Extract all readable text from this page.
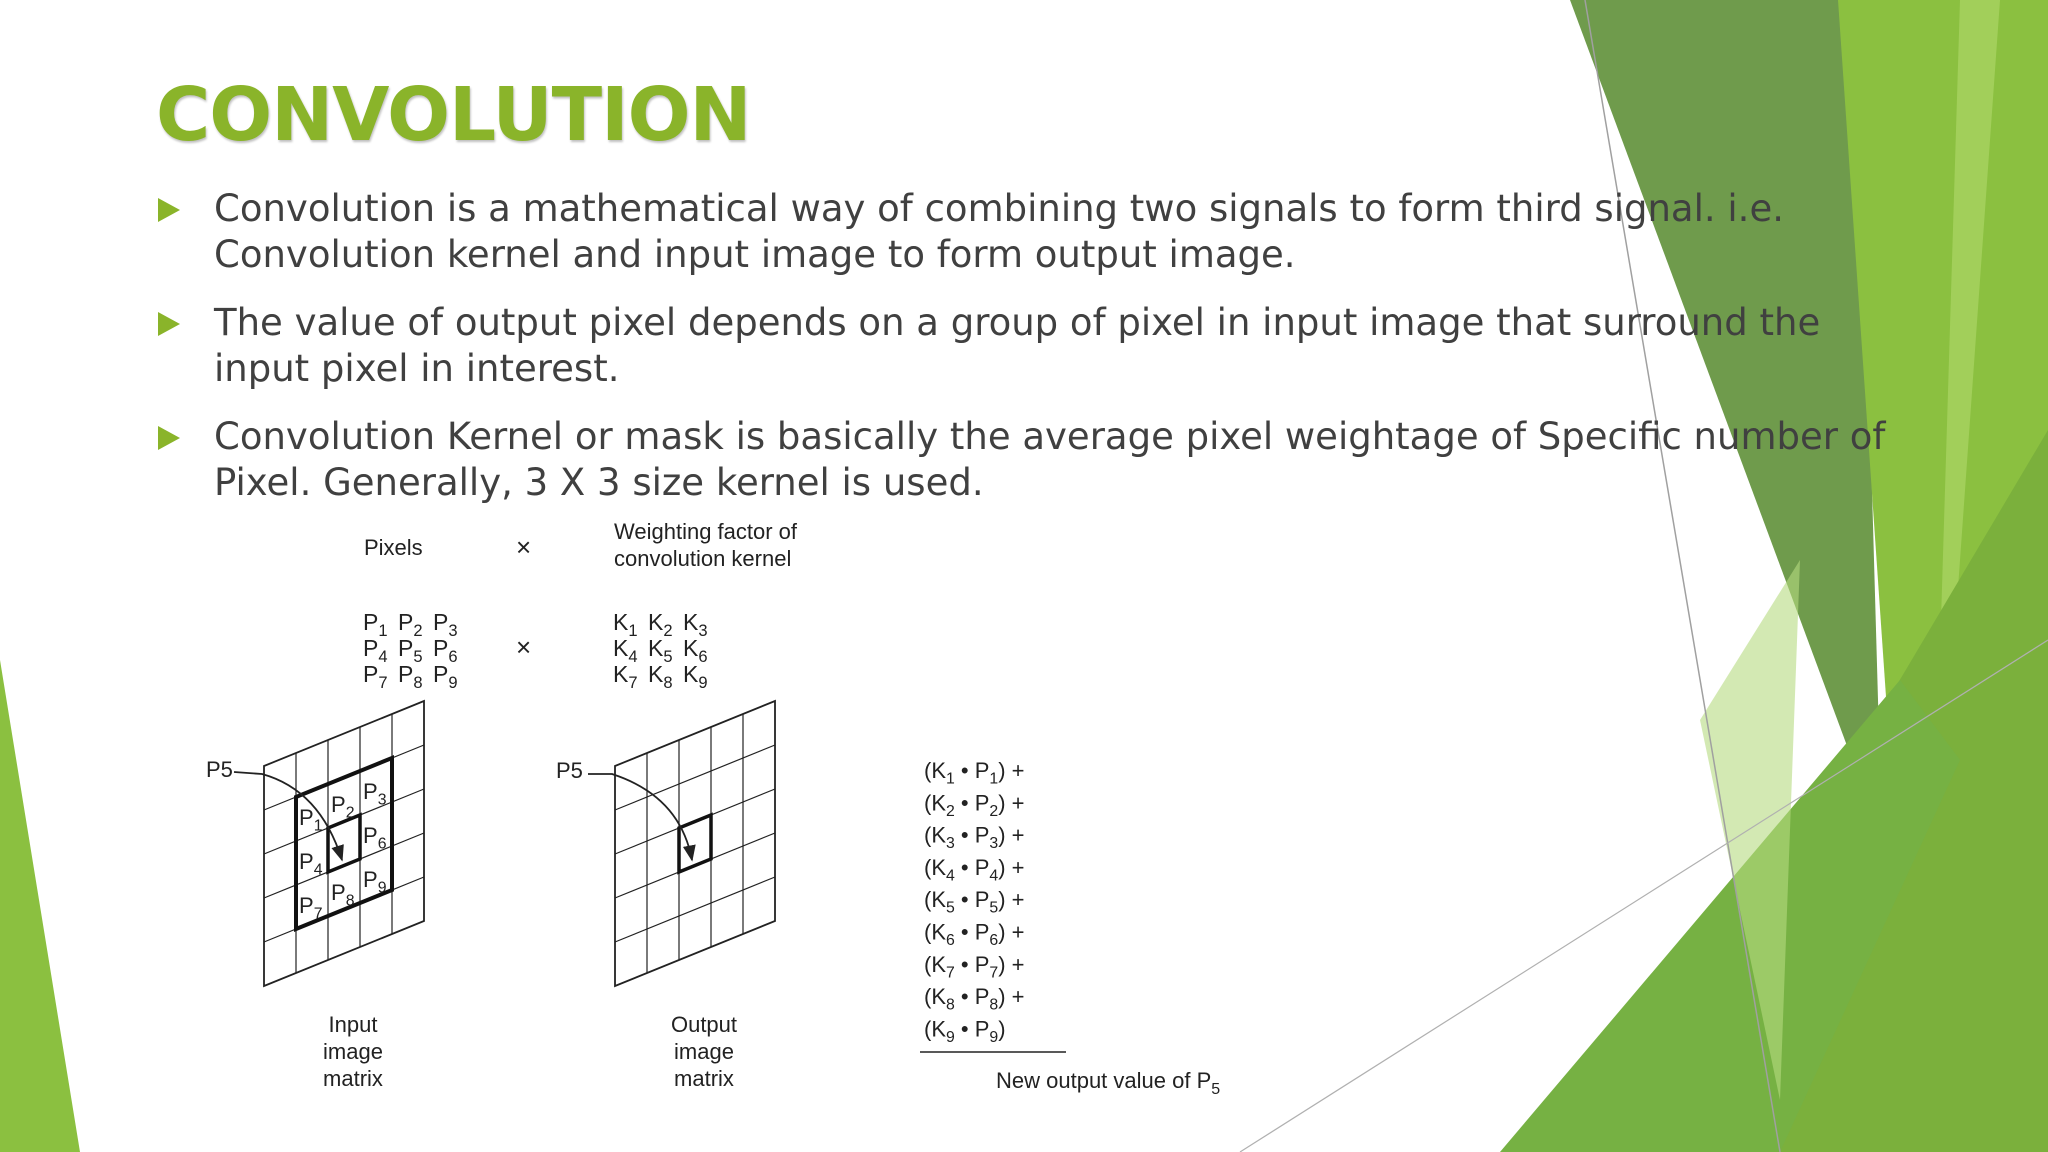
CONVOLUTION
Convolution is a mathematical way of combining two signals to form third signal. i.e. Convolution kernel and input image to form output image.
The value of output pixel depends on a group of pixel in input image that surround the input pixel in interest.
Convolution Kernel or mask is basically the average pixel weightage of Specific number of Pixel. Generally, 3 X 3 size kernel is used.
Pixels	×
Weighting factor of
convolution kernel
×
$P_1$ $P_2$ $P_3$
$P_4$ $P_5$ $P_6$
$P_7$ $P_8$ $P_9$
$K_1$ $K_2$ $K_3$
$K_4$ $K_5$ $K_6$
$K_7$ $K_8$ $K_9$
$P_1$
$P_2$
$P_3$
$P_4$
$P_6$
$P_7$
$P_8$
$P_9$
P5	P5
Input
image
matrix
Output
image
matrix
($K_1$ • $P_1$) +
($K_2$ • $P_2$) +
($K_3$ • $P_3$) +
($K_4$ • $P_4$) +
($K_5$ • $P_5$) +
($K_6$ • $P_6$) +
($K_7$ • $P_7$) +
($K_8$ • $P_8$) +
($K_9$ • $P_9$)
New output value of $P_5$
